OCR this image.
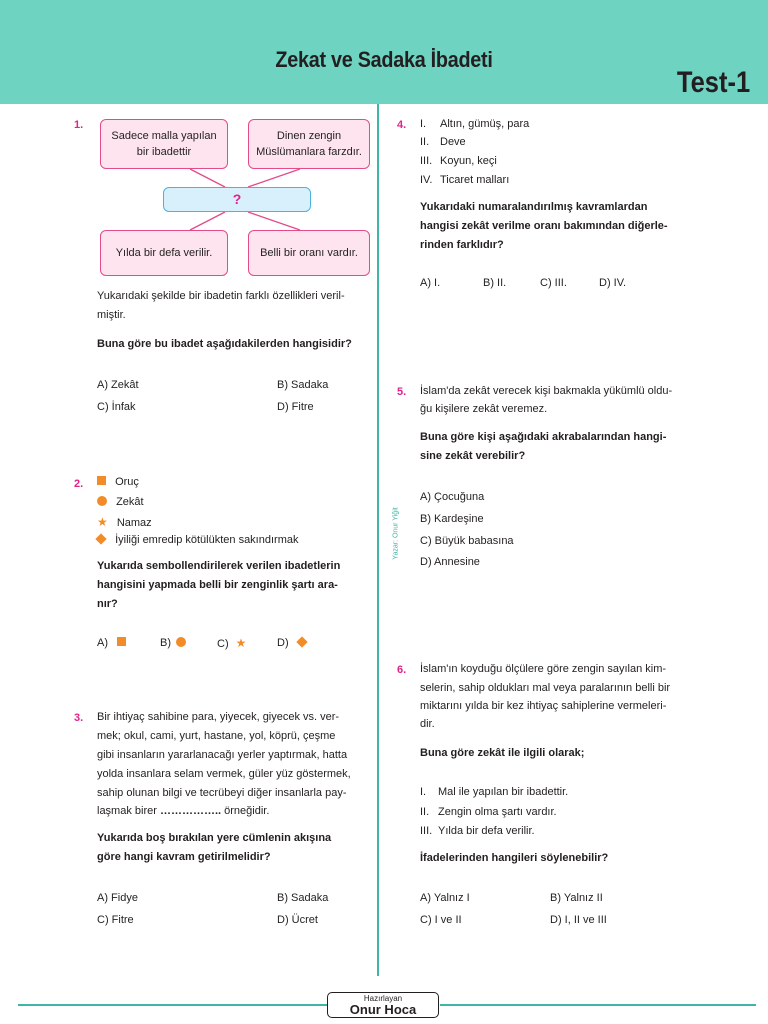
Zekat ve Sadaka İbadeti
Test-1
Yazar: Onur Yiğit
1.
Sadece malla yapılan bir ibadettir
Dinen zengin Müslümanlara farzdır.
?
Yılda bir defa verilir.	Belli bir oranı vardır.
Yukarıdaki şekilde bir ibadetin farklı özellikleri veril-
miştir.
Buna göre bu ibadet aşağıdakilerden hangisidir?
A) Zekât	B) Sadaka
C) İnfak	D) Fitre
2.	Oruç
Zekât
★ Namaz
İyiliği emredip kötülükten sakındırmak
Yukarıda sembollendirilerek verilen ibadetlerin
hangisini yapmada belli bir zenginlik şartı ara-
nır?
A)	B)	C) ★	D)
3. Bir ihtiyaç sahibine para, yiyecek, giyecek vs. ver-
mek; okul, cami, yurt, hastane, yol, köprü, çeşme
gibi insanların yararlanacağı yerler yaptırmak, hatta
yolda insanlara selam vermek, güler yüz göstermek,
sahip olunan bilgi ve tecrübeyi diğer insanlarla pay-
laşmak birer …………….. örneğidir.
Yukarıda boş bırakılan yere cümlenin akışına
göre hangi kavram getirilmelidir?
A) Fidye	B) Sadaka
C) Fitre	D) Ücret
4. I. Altın, gümüş, para
II. Deve
III. Koyun, keçi
IV. Ticaret malları
Yukarıdaki numaralandırılmış kavramlardan
hangisi zekât verilme oranı bakımından diğerle-
rinden farklıdır?
A) I.	B) II.	C) III.	D) IV.
5. İslam'da zekât verecek kişi bakmakla yükümlü oldu-
ğu kişilere zekât veremez.
Buna göre kişi aşağıdaki akrabalarından hangi-
sine zekât verebilir?
A) Çocuğuna
B) Kardeşine
C) Büyük babasına
D) Annesine
6. İslam'ın koyduğu ölçülere göre zengin sayılan kim-
selerin, sahip oldukları mal veya paralarının belli bir
miktarını yılda bir kez ihtiyaç sahiplerine vermeleri-
dir.
Buna göre zekât ile ilgili olarak;
I. Mal ile yapılan bir ibadettir.
II. Zengin olma şartı vardır.
III. Yılda bir defa verilir.
İfadelerinden hangileri söylenebilir?
A) Yalnız I	B) Yalnız II
C) I ve II	D) I, II ve III
Hazırlayan
Onur Hoca
